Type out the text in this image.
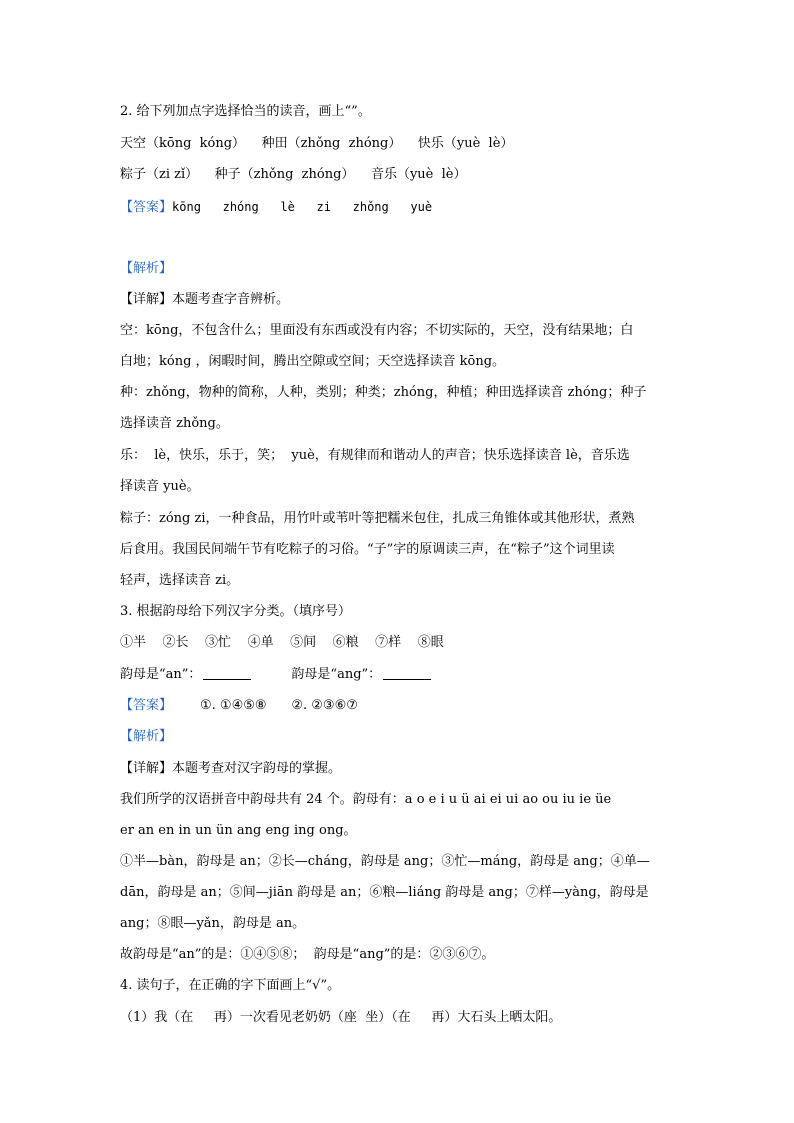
2. 给下列加点字选择恰当的读音，画上“”。
天空（kōng  kóng）    种田（zhǒng  zhóng）    快乐（yuè  lè）
粽子（zi zǐ）    种子（zhǒng  zhóng）    音乐（yuè  lè）
【答案】kōng   zhóng   lè   zi   zhǒng   yuè
【解析】
【详解】本题考查字音辨析。
空：kōng，不包含什么；里面没有东西或没有内容；不切实际的，天空，没有结果地；白
白地；kóng ，闲暇时间，腾出空隙或空间；天空选择读音 kōng。
种：zhǒng，物种的简称，人种，类别；种类；zhóng，种植；种田选择读音 zhóng；种子
选择读音 zhǒng。
乐：  lè，快乐，乐于，笑；  yuè，有规律而和谐动人的声音；快乐选择读音 lè，音乐选
择读音 yuè。
粽子：zóng zi，一种食品，用竹叶或苇叶等把糯米包住，扎成三角锥体或其他形状，煮熟
后食用。我国民间端午节有吃粽子的习俗。“子”字的原调读三声，在“粽子”这个词里读
轻声，选择读音 zi。
3. 根据韵母给下列汉字分类。（填序号）
①半    ②长    ③忙    ④单    ⑤间    ⑥粮    ⑦样    ⑧眼
韵母是“an”：	韵母是“ang”：
【答案】 ①. ①④⑤⑧      ②. ②③⑥⑦
【解析】
【详解】本题考查对汉字韵母的掌握。
我们所学的汉语拼音中韵母共有 24 个。韵母有：a o e i u ü ai ei ui ao ou iu ie üe
er an en in un ün ang eng ing ong。
①半—bàn，韵母是 an；②长—cháng，韵母是 ang；③忙—máng，韵母是 ang；④单—
dān，韵母是 an；⑤间—jiān 韵母是 an；⑥粮—liáng 韵母是 ang；⑦样—yàng，韵母是
ang；⑧眼—yǎn，韵母是 an。
故韵母是“an”的是：①④⑤⑧；  韵母是“ang”的是：②③⑥⑦。
4. 读句子，在正确的字下面画上“√”。
（1）我（在     再）一次看见老奶奶（座  坐）（在     再）大石头上晒太阳。
